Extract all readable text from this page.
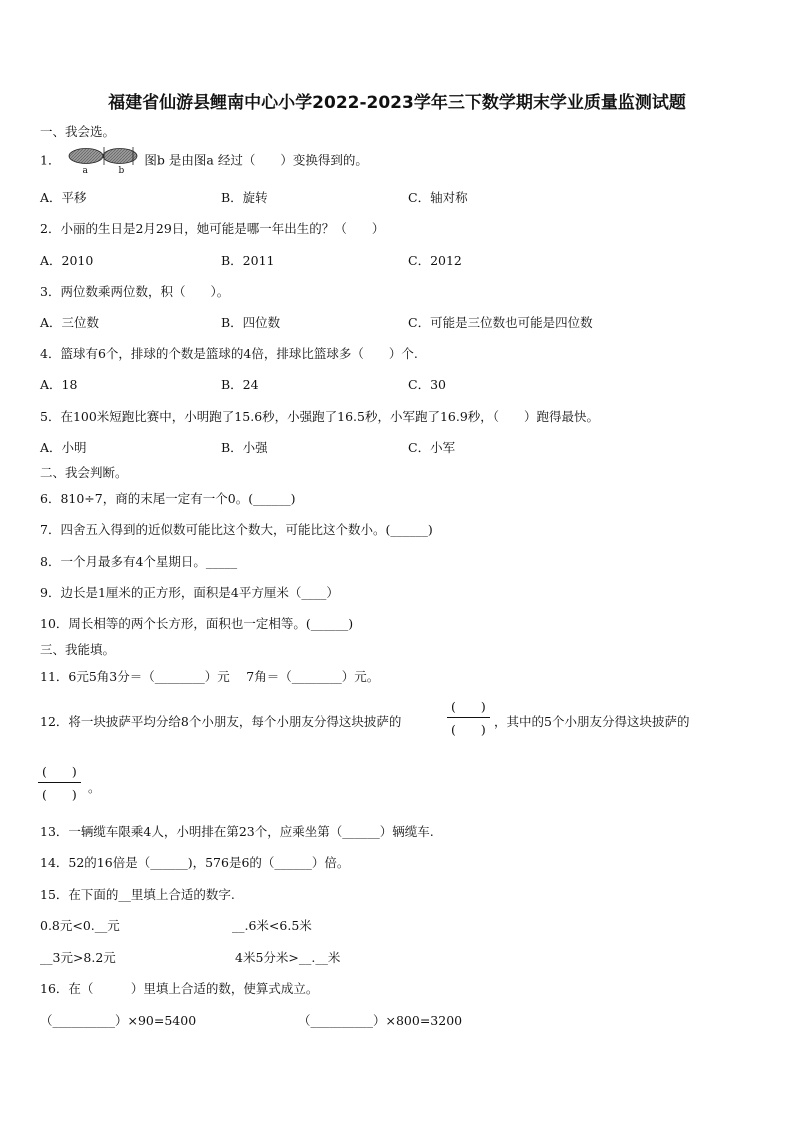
福建省仙游县鲤南中心小学2022-2023学年三下数学期末学业质量监测试题
一、我会选。
1．
a	b
图b 是由图a 经过（　　）变换得到的。
A．平移	B．旋转	C．轴对称
2．小丽的生日是2月29日，她可能是哪一年出生的？（　　）
A．2010	B．2011	C．2012
3．两位数乘两位数，积（　　）。
A．三位数	B．四位数	C．可能是三位数也可能是四位数
4．篮球有6个，排球的个数是篮球的4倍，排球比篮球多（　　）个.
A．18	B．24	C．30
5．在100米短跑比赛中，小明跑了15.6秒，小强跑了16.5秒，小军跑了16.9秒，（　　）跑得最快。
A．小明	B．小强	C．小军
二、我会判断。
6．810÷7，商的末尾一定有一个0。(______)
7．四舍五入得到的近似数可能比这个数大，可能比这个数小。(______)
8．一个月最多有4个星期日。_____
9．边长是1厘米的正方形，面积是4平方厘米（____）
10．周长相等的两个长方形，面积也一定相等。(______)
三、我能填。
11．6元5角3分＝（________）元　 7角＝（________）元。
12．将一块披萨平均分给8个小朋友，每个小朋友分得这块披萨的
(　　)
(　　)
，其中的5个小朋友分得这块披萨的
(　　)
(　　) 。
13．一辆缆车限乘4人，小明排在第23个，应乘坐第（______）辆缆车.
14．52的16倍是（______)，576是6的（______）倍。
15．在下面的__里填上合适的数字.
0.8元<0.__元	__.6米<6.5米
__3元>8.2元	4米5分米>__.__米
16．在（　　　）里填上合适的数，使算式成立。
（__________）×90=5400	（__________）×800=3200
